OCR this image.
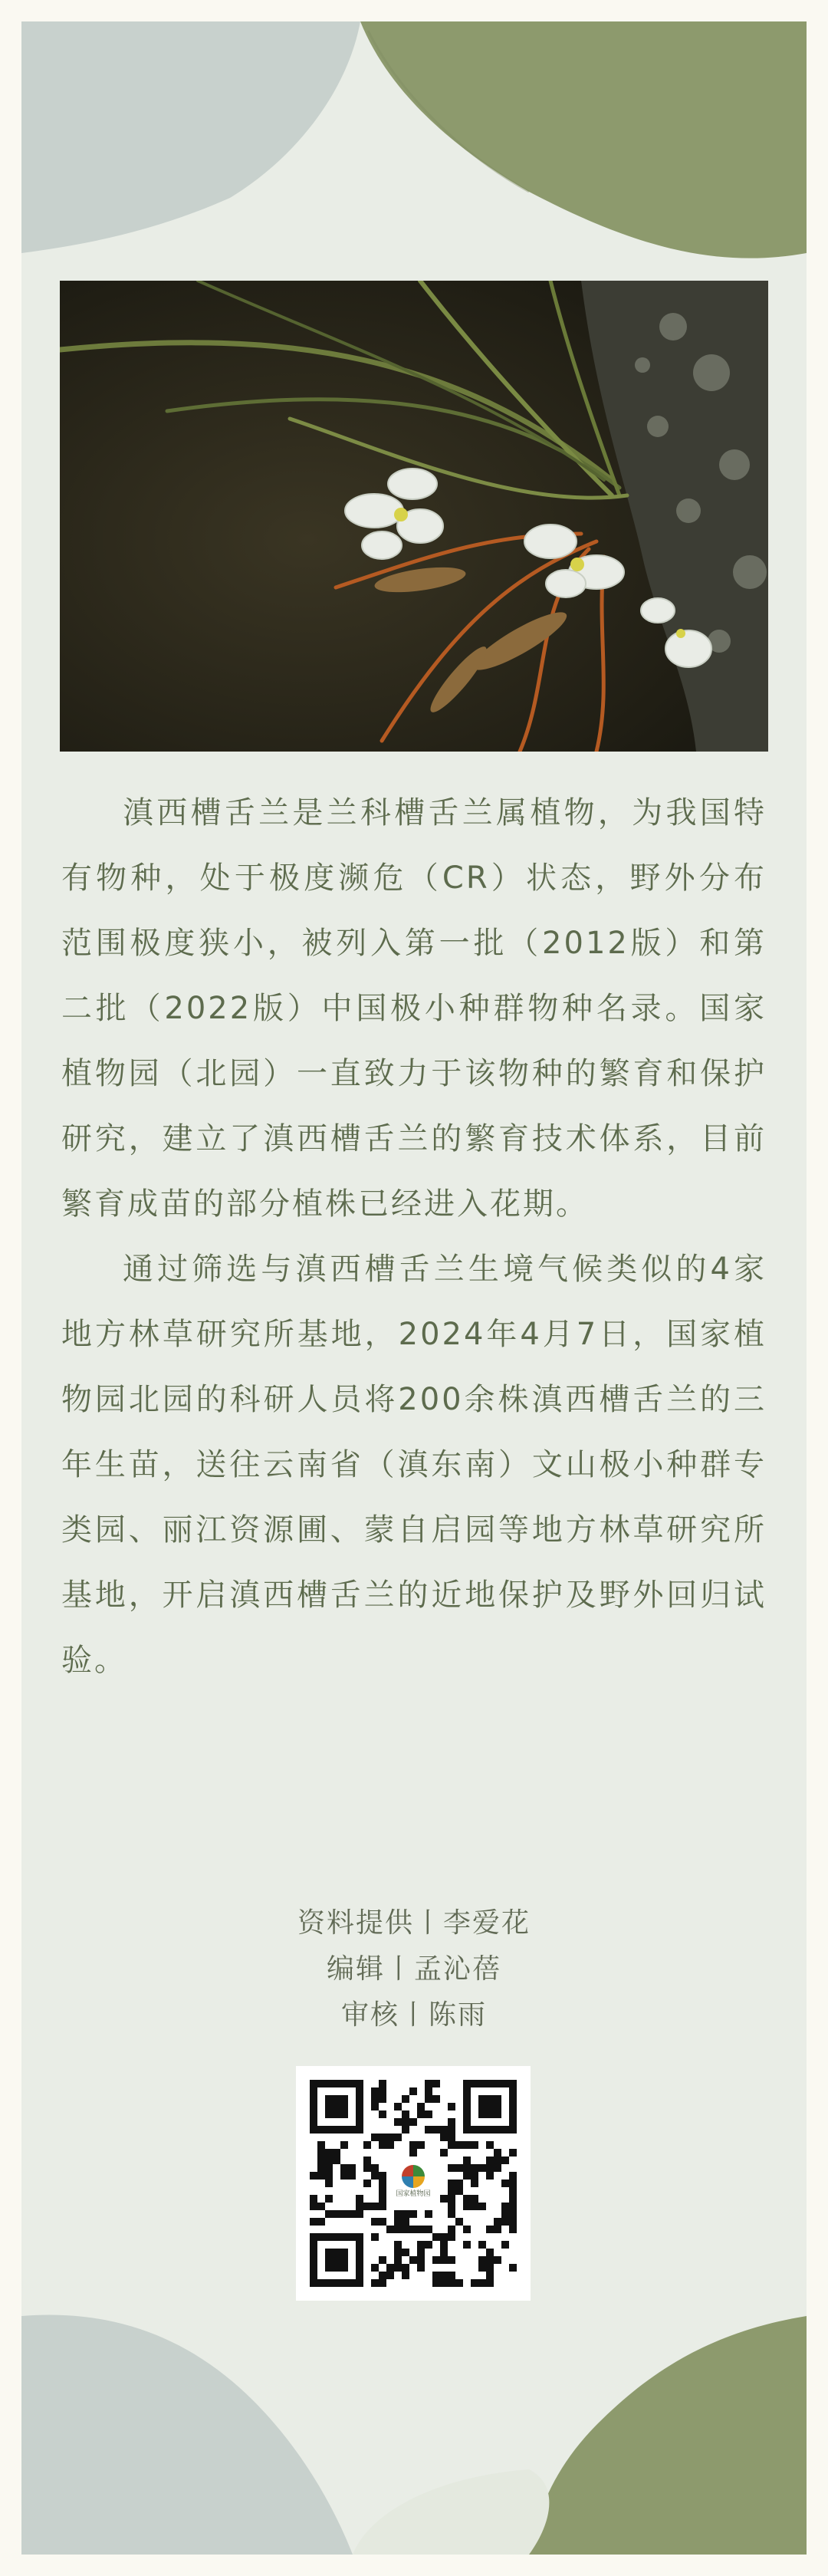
滇西槽舌兰是兰科槽舌兰属植物，为我国特有物种，处于极度濒危（CR）状态，野外分布范围极度狭小，被列入第一批（2012版）和第二批（2022版）中国极小种群物种名录。国家植物园（北园）一直致力于该物种的繁育和保护研究，建立了滇西槽舌兰的繁育技术体系，目前繁育成苗的部分植株已经进入花期。

通过筛选与滇西槽舌兰生境气候类似的4家地方林草研究所基地，2024年4月7日，国家植物园北园的科研人员将200余株滇西槽舌兰的三年生苗，送往云南省（滇东南）文山极小种群专类园、丽江资源圃、蒙自启园等地方林草研究所基地，开启滇西槽舌兰的近地保护及野外回归试验。

资料提供丨李爱花
编辑丨孟沁蓓
审核丨陈雨
国家植物园
